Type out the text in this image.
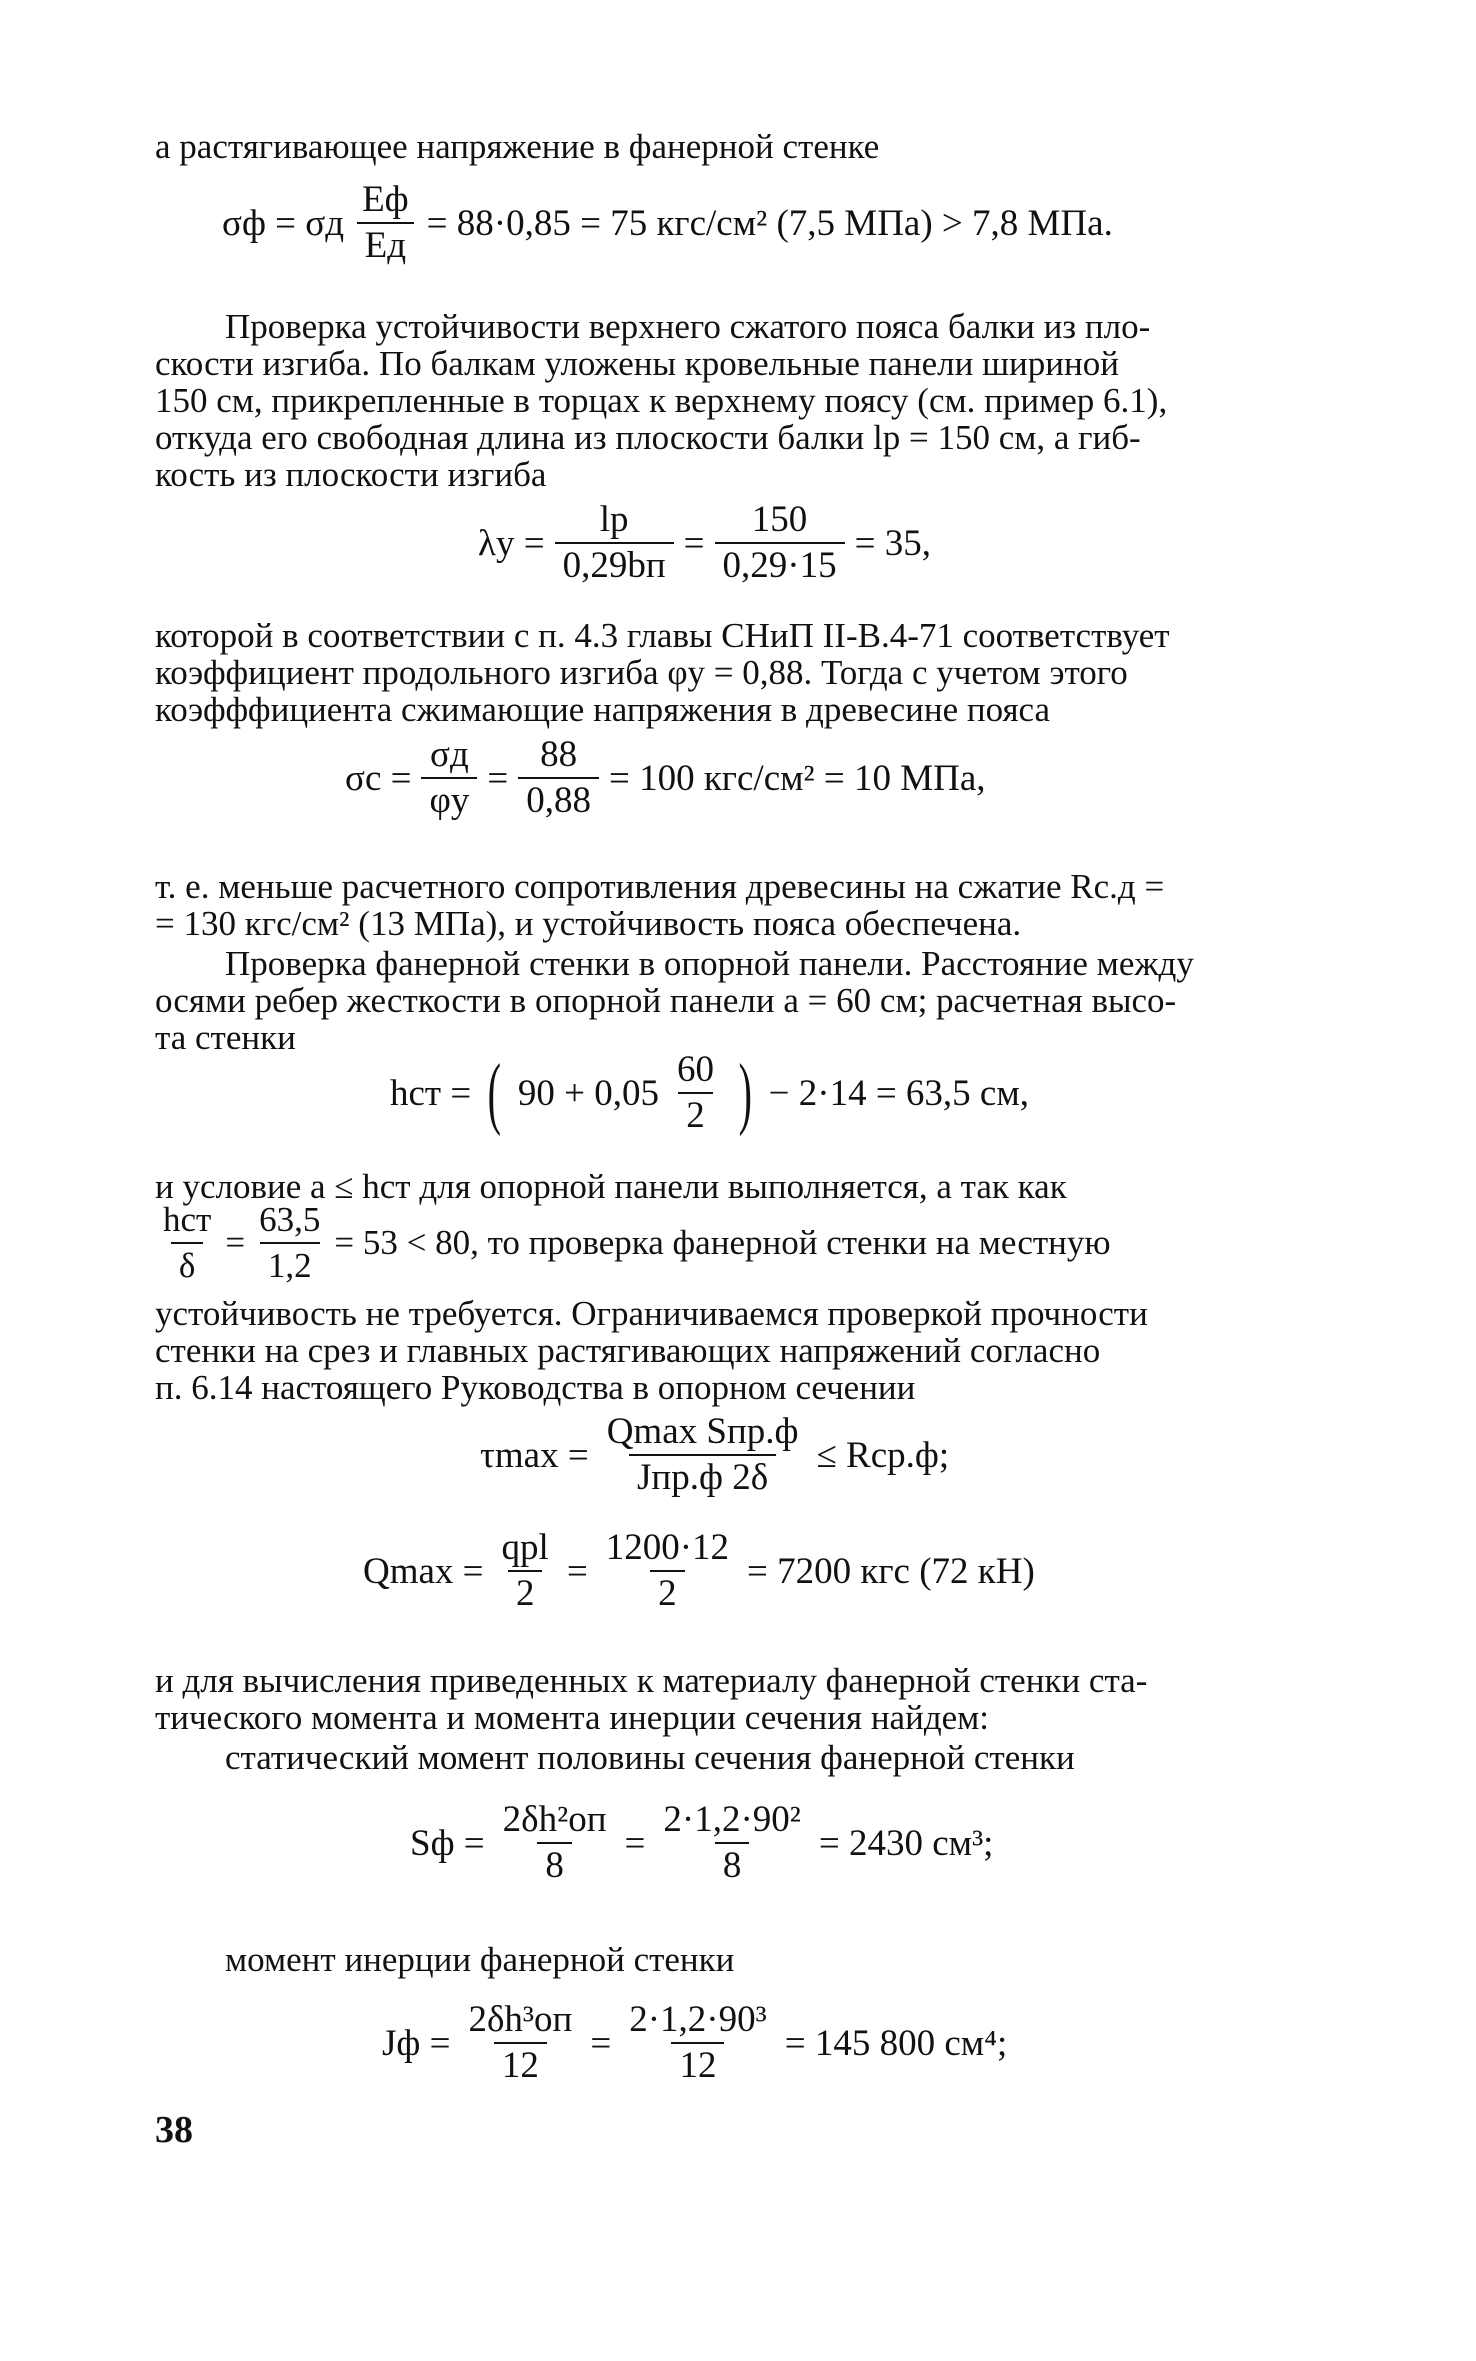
а растягивающее напряжение в фанерной стенке
σф = σд $\frac{Eф}{Eд} = 88\cdot 0,85 = 75$ кгс/см² (7,5 МПа) > 7,8 МПа.
Проверка устойчивости верхнего сжатого пояса балки из пло-
скости изгиба. По балкам уложены кровельные панели шириной
150 см, прикрепленные в торцах к верхнему поясу (см. пример 6.1),
откуда его свободная длина из плоскости балки lр = 150 см, а гиб-
кость из плоскости изгиба
$\lambda y = \frac{lр}{0,29bп} = \frac{150}{0,29\cdot 15} = 35$,
которой в соответствии с п. 4.3 главы СНиП II-В.4-71 соответствует
коэффициент продольного изгиба φy = 0,88. Тогда с учетом этого
коэфффициента сжимающие напряжения в древесине пояса
$\sigma с = \frac{\sigma д}{\varphi y} = \frac{88}{0,88} = 100$ кгс/см² = 10 МПа,
т. е. меньше расчетного сопротивления древесины на сжатие Rс.д =
= 130 кгс/см² (13 МПа), и устойчивость пояса обеспечена.
Проверка фанерной стенки в опорной панели. Расстояние между
осями ребер жесткости в опорной панели a = 60 см; расчетная высо-
та стенки
hст = ( $90 + 0,05 \frac{60}{2}$ ) − 2·14 = 63,5 см,
и условие a ≤ hст для опорной панели выполняется, а так как
$\frac{\text{hст}}{\delta} = \frac{63,5}{1,2} = 53 < 80$, то проверка фанерной стенки на местную
устойчивость не требуется. Ограничиваемся проверкой прочности
стенки на срез и главных растягивающих напряжений согласно
п. 6.14 настоящего Руководства в опорном сечении
$\tau\max = \frac{\text{Qmax Sпр.ф}}{\text{Jпр.ф 2δ}} \le Rср.ф$;
$Qmax = \frac{\text{qрl}}{2} = \frac{1200\cdot 12}{2} = 7200$ кгс (72 кН)
и для вычисления приведенных к материалу фанерной стенки ста-
тического момента и момента инерции сечения найдем:
статический момент половины сечения фанерной стенки
Sф = $\frac{\text{2δh²оп}}{8} = \frac{\text{2·1,2·90²}}{8} = 2430$ см³;
момент инерции фанерной стенки
Jф = $\frac{\text{2δh³оп}}{12} = \frac{\text{2·1,2·90³}}{12} = 145$ 800 см⁴;
38
